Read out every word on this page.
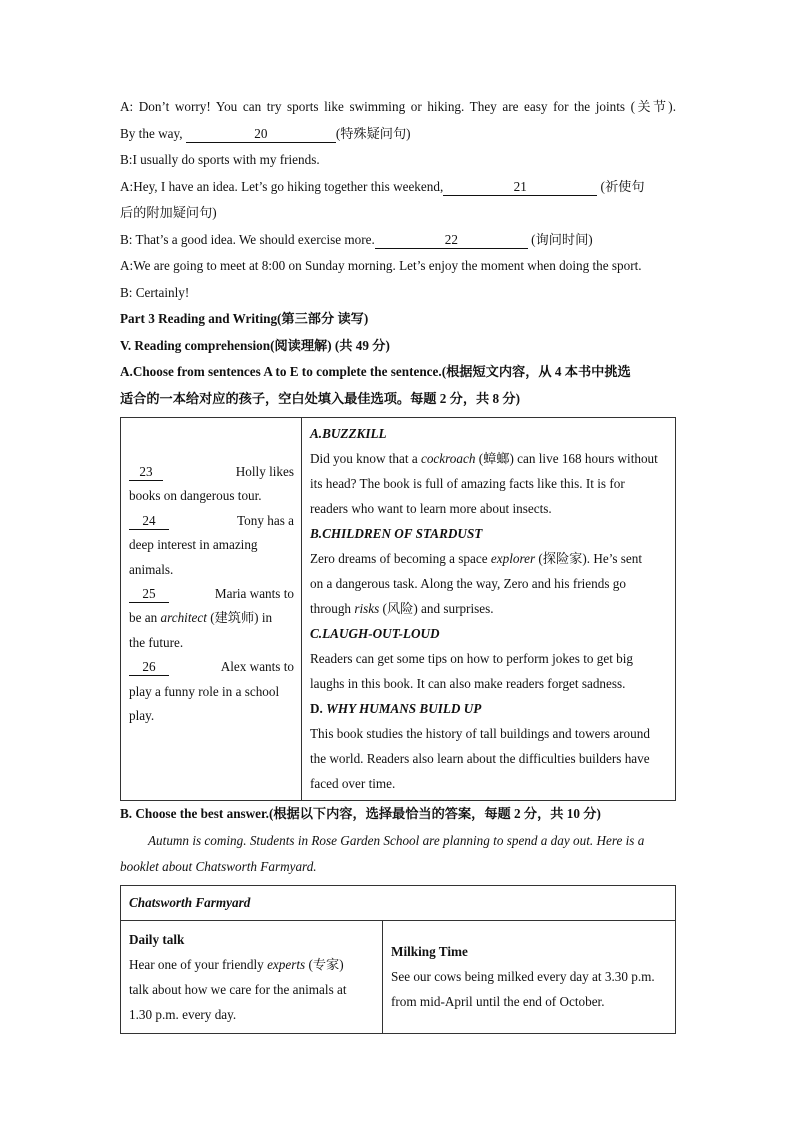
A: Don’t worry! You can try sports like swimming or hiking. They are easy for the joints (关节).
By the way,	20	(特殊疑问句)
B:I usually do sports with my friends.
A:Hey, I have an idea. Let’s go hiking together this weekend,	21	(祈使句
后的附加疑问句)
B: That’s a good idea. We should exercise more.	22	(询问时间)
A:We are going to meet at 8:00 on Sunday morning. Let’s enjoy the moment when doing the sport.
B: Certainly!
Part 3 Reading and Writing(第三部分 读写)
V. Reading comprehension(阅读理解) (共 49 分)
A.Choose from sentences A to E to complete the sentence.(根据短文内容，从 4 本书中挑选
适合的一本给对应的孩子，空白处填入最佳选项。每题 2 分，共 8 分)
23	Holly likes
books on dangerous tour.
24	Tony has a
deep interest in amazing
animals.
25	Maria wants to
be an architect (建筑师) in
the future.
26	Alex wants to
play a funny role in a school
play.

A.BUZZKILL
Did you know that a cockroach (蟑螂) can live 168 hours without
its head? The book is full of amazing facts like this. It is for
readers who want to learn more about insects.
B.CHILDREN OF STARDUST
Zero dreams of becoming a space explorer (探险家). He’s sent
on a dangerous task. Along the way, Zero and his friends go
through risks (风险) and surprises.
C.LAUGH-OUT-LOUD
Readers can get some tips on how to perform jokes to get big
laughs in this book. It can also make readers forget sadness.
D. WHY HUMANS BUILD UP
This book studies the history of tall buildings and towers around
the world. Readers also learn about the difficulties builders have
faced over time.
B. Choose the best answer.(根据以下内容，选择最恰当的答案，每题 2 分，共 10 分)
Autumn is coming. Students in Rose Garden School are planning to spend a day out. Here is a
booklet about Chatsworth Farmyard.
Chatsworth Farmyard

Daily talk
Hear one of your friendly experts (专家)
talk about how we care for the animals at
1.30 p.m. every day.

Milking Time
See our cows being milked every day at 3.30 p.m.
from mid-April until the end of October.
